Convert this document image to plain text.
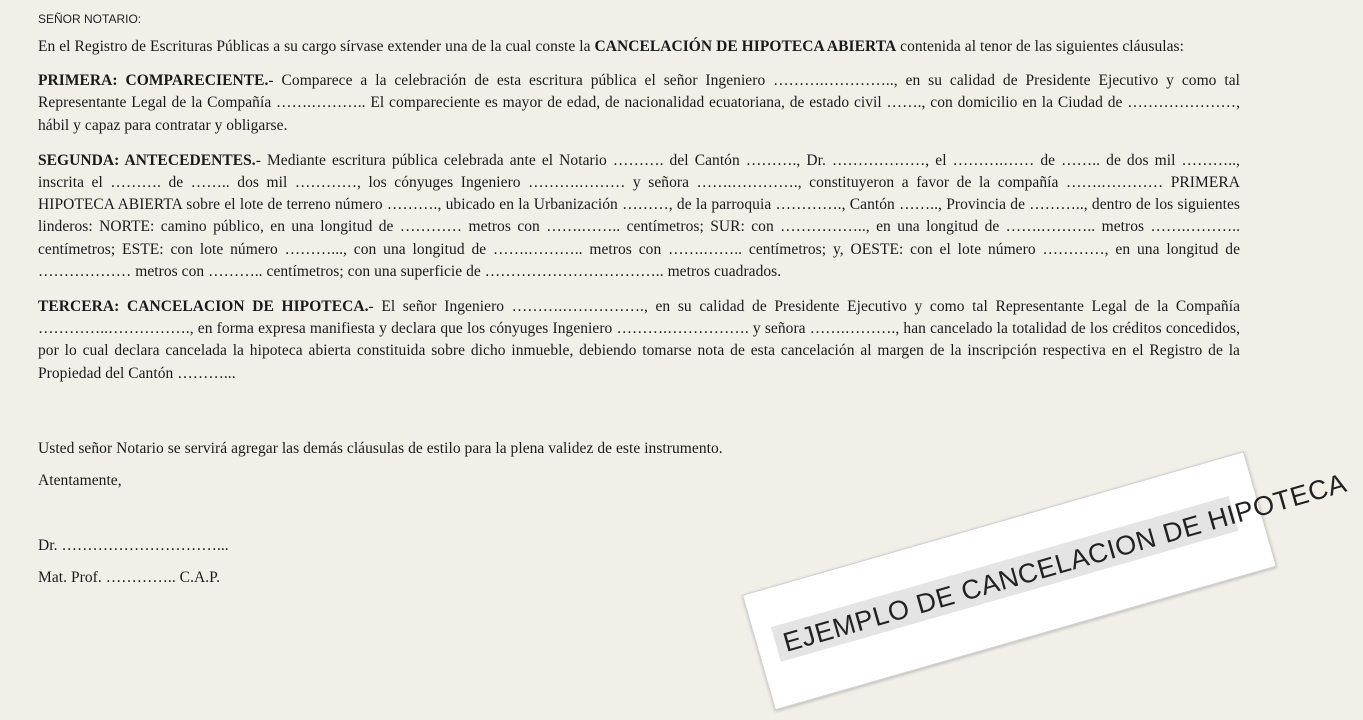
SEÑOR NOTARIO:

En el Registro de Escrituras Públicas a su cargo sírvase extender una de la cual conste la CANCELACIÓN DE HIPOTECA ABIERTA contenida al tenor de las siguientes cláusulas:

PRIMERA: COMPARECIENTE.- Comparece a la celebración de esta escritura pública el señor Ingeniero ……….………….., en su calidad de Presidente Ejecutivo y como tal Representante Legal de la Compañía …….……….. El compareciente es mayor de edad, de nacionalidad ecuatoriana, de estado civil ……., con domicilio en la Ciudad de …………………, hábil y capaz para contratar y obligarse.

SEGUNDA: ANTECEDENTES.- Mediante escritura pública celebrada ante el Notario ………. del Cantón ………., Dr. ………………, el ……….…… de …….. de dos mil ……….., inscrita el ………. de …….. dos mil …………, los cónyuges Ingeniero ……….……… y señora …….…………., constituyeron a favor de la compañía …….………… PRIMERA HIPOTECA ABIERTA sobre el lote de terreno número ………., ubicado en la Urbanización ………, de la parroquia …………., Cantón …….., Provincia de ……….., dentro de los siguientes linderos: NORTE: camino público, en una longitud de ………… metros con …….…….. centímetros; SUR: con …………….., en una longitud de …….……….. metros …….……….. centímetros; ESTE: con lote número ………..., con una longitud de …….……….. metros con …….…….. centímetros; y, OESTE: con el lote número …………, en una longitud de ……………… metros con ……….. centímetros; con una superficie de …………………………….. metros cuadrados.

TERCERA: CANCELACION DE HIPOTECA.- El señor Ingeniero ……….……………., en su calidad de Presidente Ejecutivo y como tal Representante Legal de la Compañía …………..……………., en forma expresa manifiesta y declara que los cónyuges Ingeniero ……….……………. y señora …….………., han cancelado la totalidad de los créditos concedidos, por lo cual declara cancelada la hipoteca abierta constituida sobre dicho inmueble, debiendo tomarse nota de esta cancelación al margen de la inscripción respectiva en el Registro de la Propiedad del Cantón ………...

Usted señor Notario se servirá agregar las demás cláusulas de estilo para la plena validez de este instrumento.

Atentamente,

Dr. …………………………...

Mat. Prof. ………….. C.A.P.	EJEMPLO DE CANCELACION DE HIPOTECA
